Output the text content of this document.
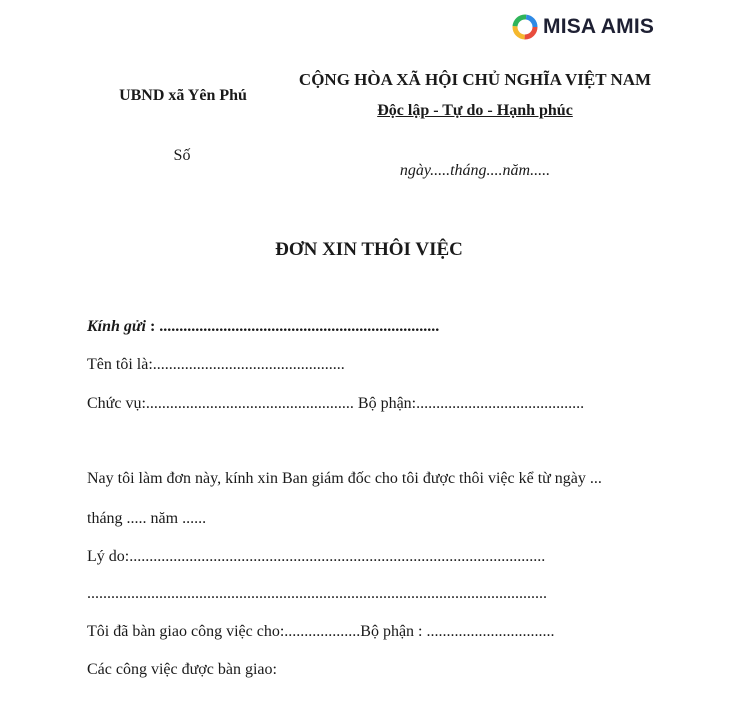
MISA AMIS
UBND xã Yên Phú
Số
CỘNG HÒA XÃ HỘI CHỦ NGHĨA VIỆT NAM
Độc lập - Tự do - Hạnh phúc
ngày.....tháng....năm.....
ĐƠN XIN THÔI VIỆC
Kính gửi : ......................................................................
Tên tôi là:................................................
Chức vụ:.................................................... Bộ phận:..........................................
Nay tôi làm đơn này, kính xin Ban giám đốc cho tôi được thôi việc kể từ ngày ...
tháng ..... năm ......
Lý do:........................................................................................................
...................................................................................................................
Tôi đã bàn giao công việc cho:...................Bộ phận : ................................
Các công việc được bàn giao:
